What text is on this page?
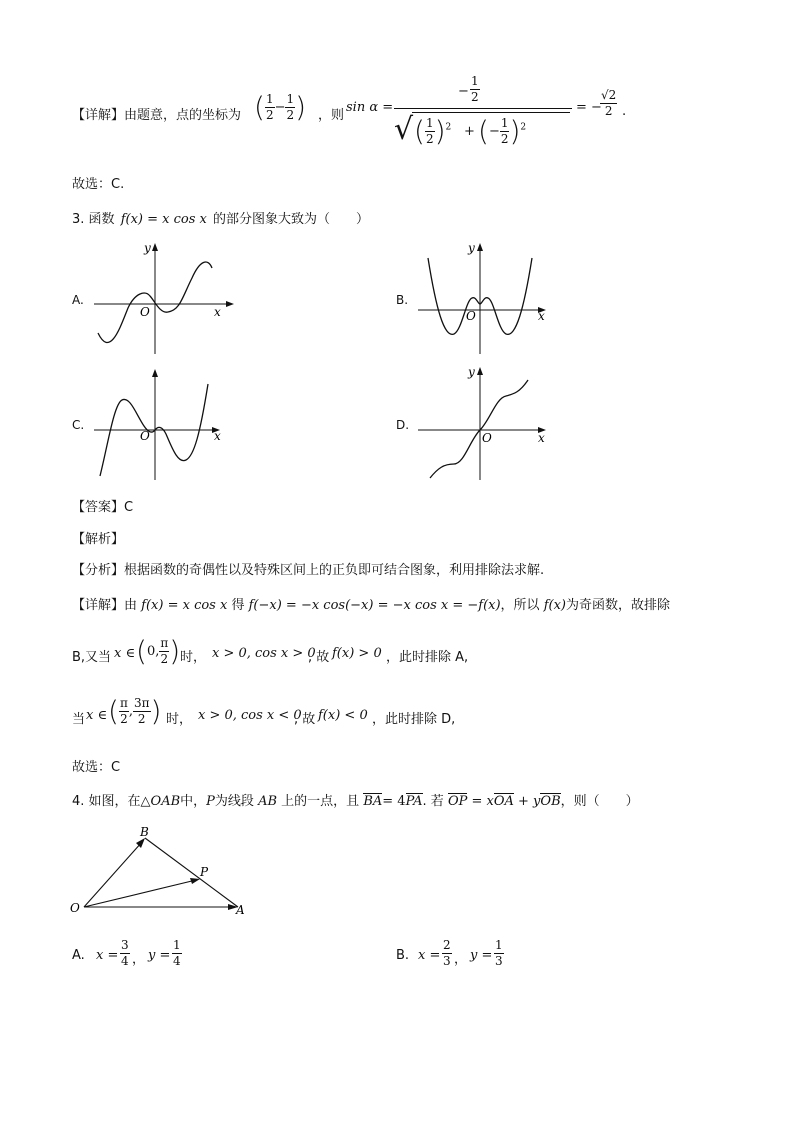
【详解】由题意，点的坐标为 ( $\frac{1}{2} - \frac{1}{2}$ ) ，则
sin α =
− $\frac{1}{2}$
√ ( $\frac{1}{2} )^2$ + (− $\frac{1}{2} )^2$
= −
$\frac{√2}{2}$ .
故选：C.
3. 函数 f(x) = x cos x 的部分图象大致为（　　）
A.
x
y
O
B.
x
y
O
C.
x
O
D.
x
y
O
【答案】C
【解析】
【分析】根据函数的奇偶性以及特殊区间上的正负即可结合图象，利用排除法求解.
【详解】由 f(x) = x cos x 得 f(−x) = −x cos(−x) = −x cos x = −f(x)，所以 f(x)为奇函数，故排除
B,又当 x ∈ (0, $\frac{\pi}{2}$ ) 时， x > 0, cos x > 0
, 故 f(x) > 0 ，此时排除 A,
当 x ∈ ( $\frac{\pi}{2}$ , $\frac{3\pi}{2}$ ) 时， x > 0, cos x < 0
, 故 f(x) < 0 ，此时排除 D,
故选：C
4. 如图，在△OAB中，P为线段 AB 上的一点，且 BA= 4PA. 若 OP = xOA + yOB，则（　　）
O	A
B
P
A. $x = \frac{3}{4}$ ， $y = \frac{1}{4}$	B. $x = \frac{2}{3}$ ， $y = \frac{1}{3}$
